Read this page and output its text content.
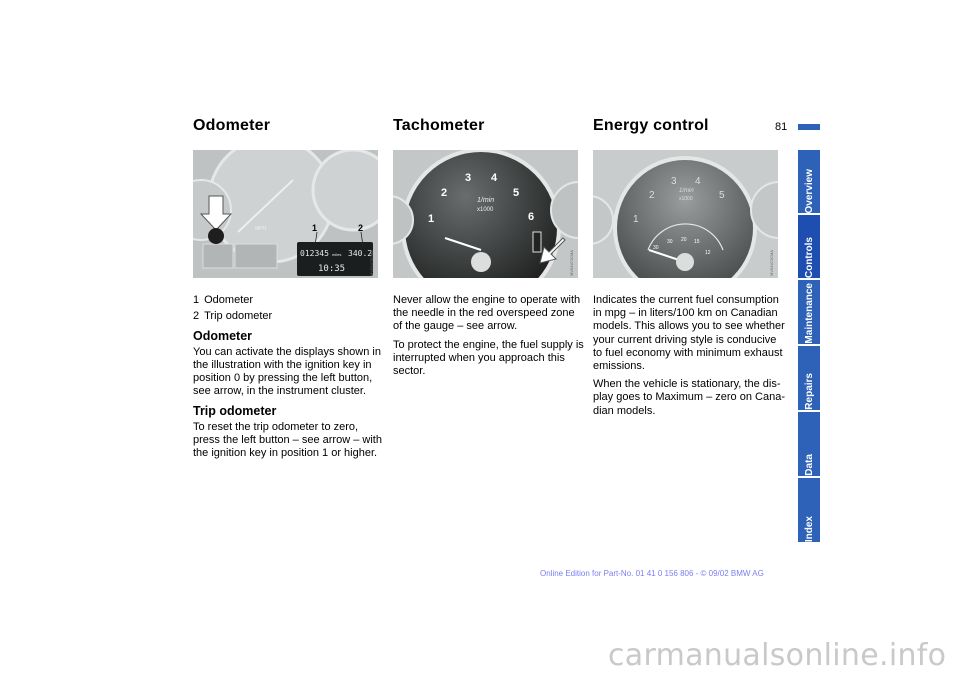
Odometer	Tachometer	Energy control	81
MPH
012345 miles 340.2
10:35
1	2
MV03470CMA
1
2
3 4
5
6
1/min
x1000
MV03471CMA
1
2
3 4
5
1/min
x1000
30
30 20 15
12	MV03472CMA
1 Odometer
2 Trip odometer
Odometer

You can activate the displays shown in the illustration with the ignition key in position 0 by pressing the left button, see arrow, in the instrument cluster.

Trip odometer

To reset the trip odometer to zero, press the left button – see arrow – with the ignition key in position 1 or higher.

Never allow the engine to operate with the needle in the red overspeed zone of the gauge – see arrow.

To protect the engine, the fuel supply is interrupted when you approach this sector.

Indicates the current fuel consumption in mpg – in liters/100 km on Canadian models. This allows you to see whether your current driving style is conducive to fuel economy with minimum exhaust emissions.

When the vehicle is stationary, the dis-play goes to Maximum – zero on Cana-dian models.

Overview
Controls
Maintenance
Repairs
Data
Index
Online Edition for Part-No. 01 41 0 156 806 - © 09/02 BMW AG
carmanualsonline.info
